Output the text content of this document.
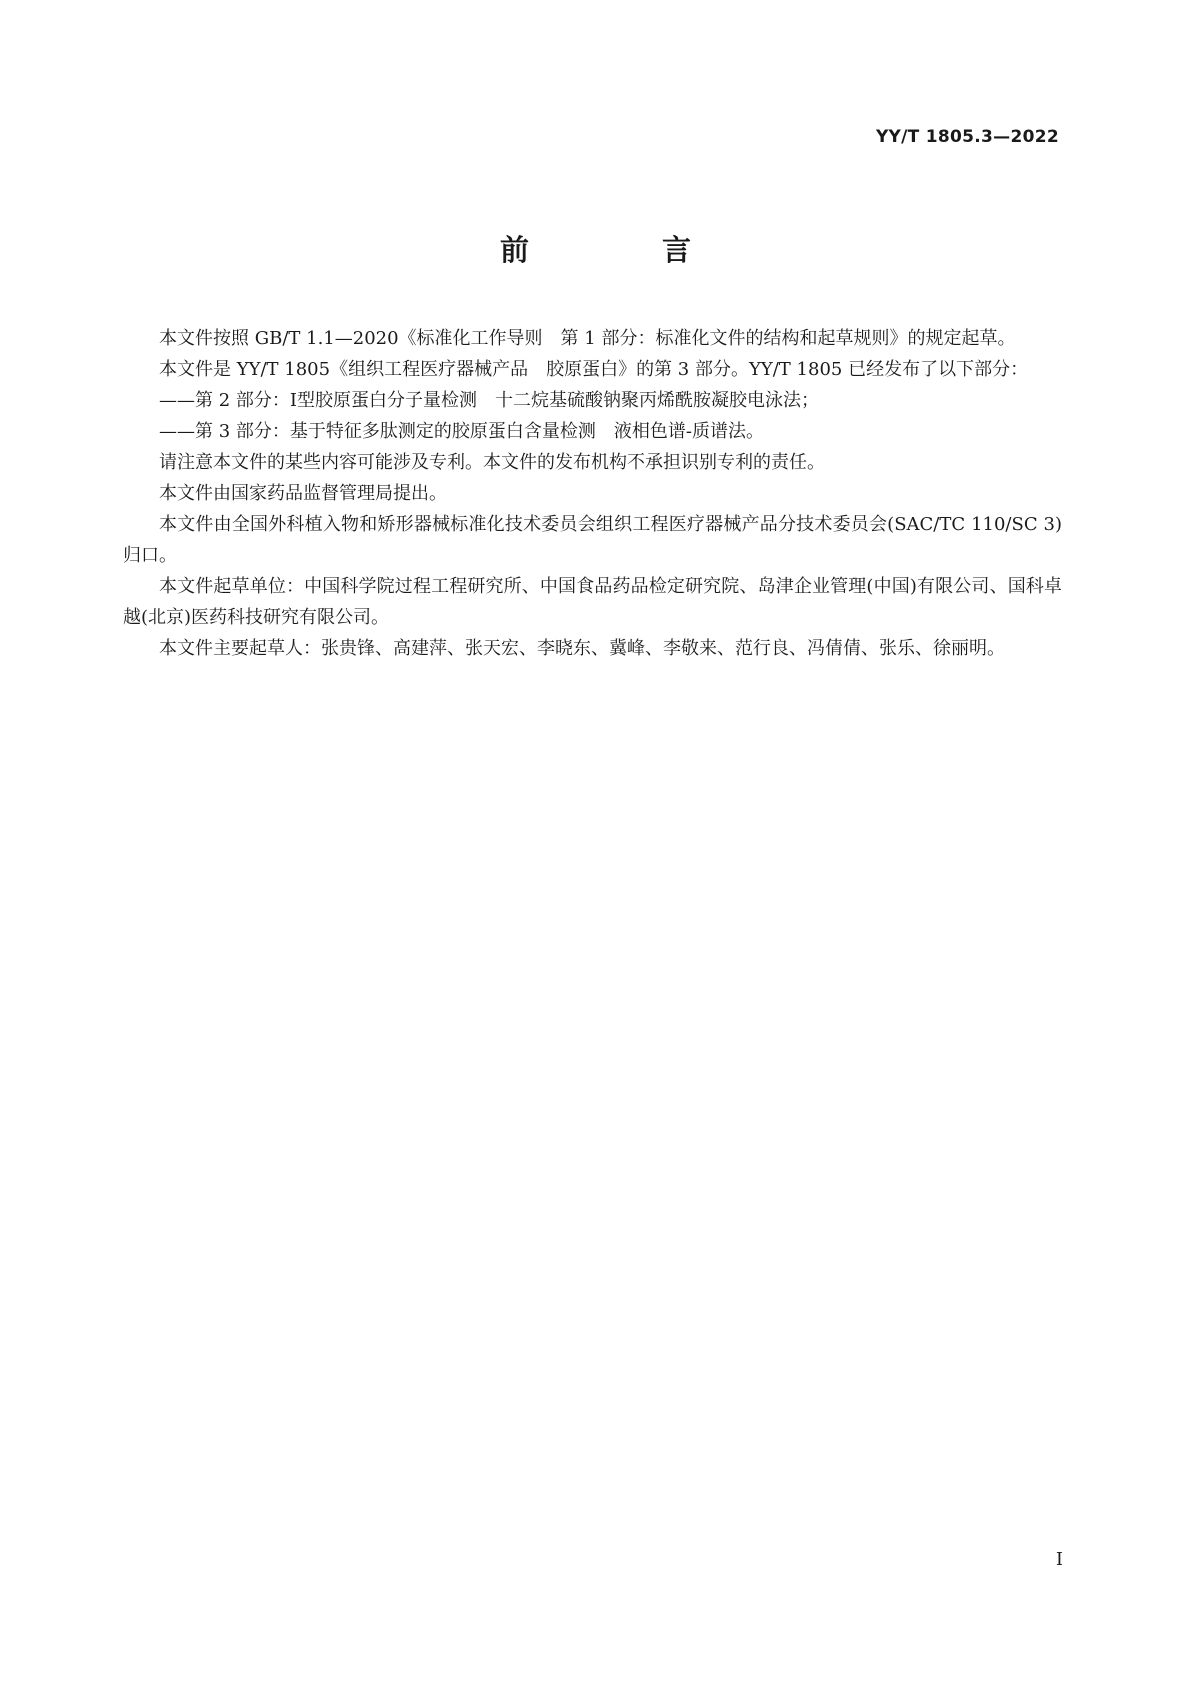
YY/T 1805.3—2022
前　言

本文件按照 GB/T 1.1—2020《标准化工作导则　第 1 部分：标准化文件的结构和起草规则》的规定起草。

本文件是 YY/T 1805《组织工程医疗器械产品　胶原蛋白》的第 3 部分。YY/T 1805 已经发布了以下部分：

——第 2 部分：Ⅰ型胶原蛋白分子量检测　十二烷基硫酸钠聚丙烯酰胺凝胶电泳法；

——第 3 部分：基于特征多肽测定的胶原蛋白含量检测　液相色谱-质谱法。

请注意本文件的某些内容可能涉及专利。本文件的发布机构不承担识别专利的责任。

本文件由国家药品监督管理局提出。

本文件由全国外科植入物和矫形器械标准化技术委员会组织工程医疗器械产品分技术委员会(SAC/TC 110/SC 3)归口。

本文件起草单位：中国科学院过程工程研究所、中国食品药品检定研究院、岛津企业管理(中国)有限公司、国科卓越(北京)医药科技研究有限公司。

本文件主要起草人：张贵锋、高建萍、张天宏、李晓东、冀峰、李敬来、范行良、冯倩倩、张乐、徐丽明。

I
